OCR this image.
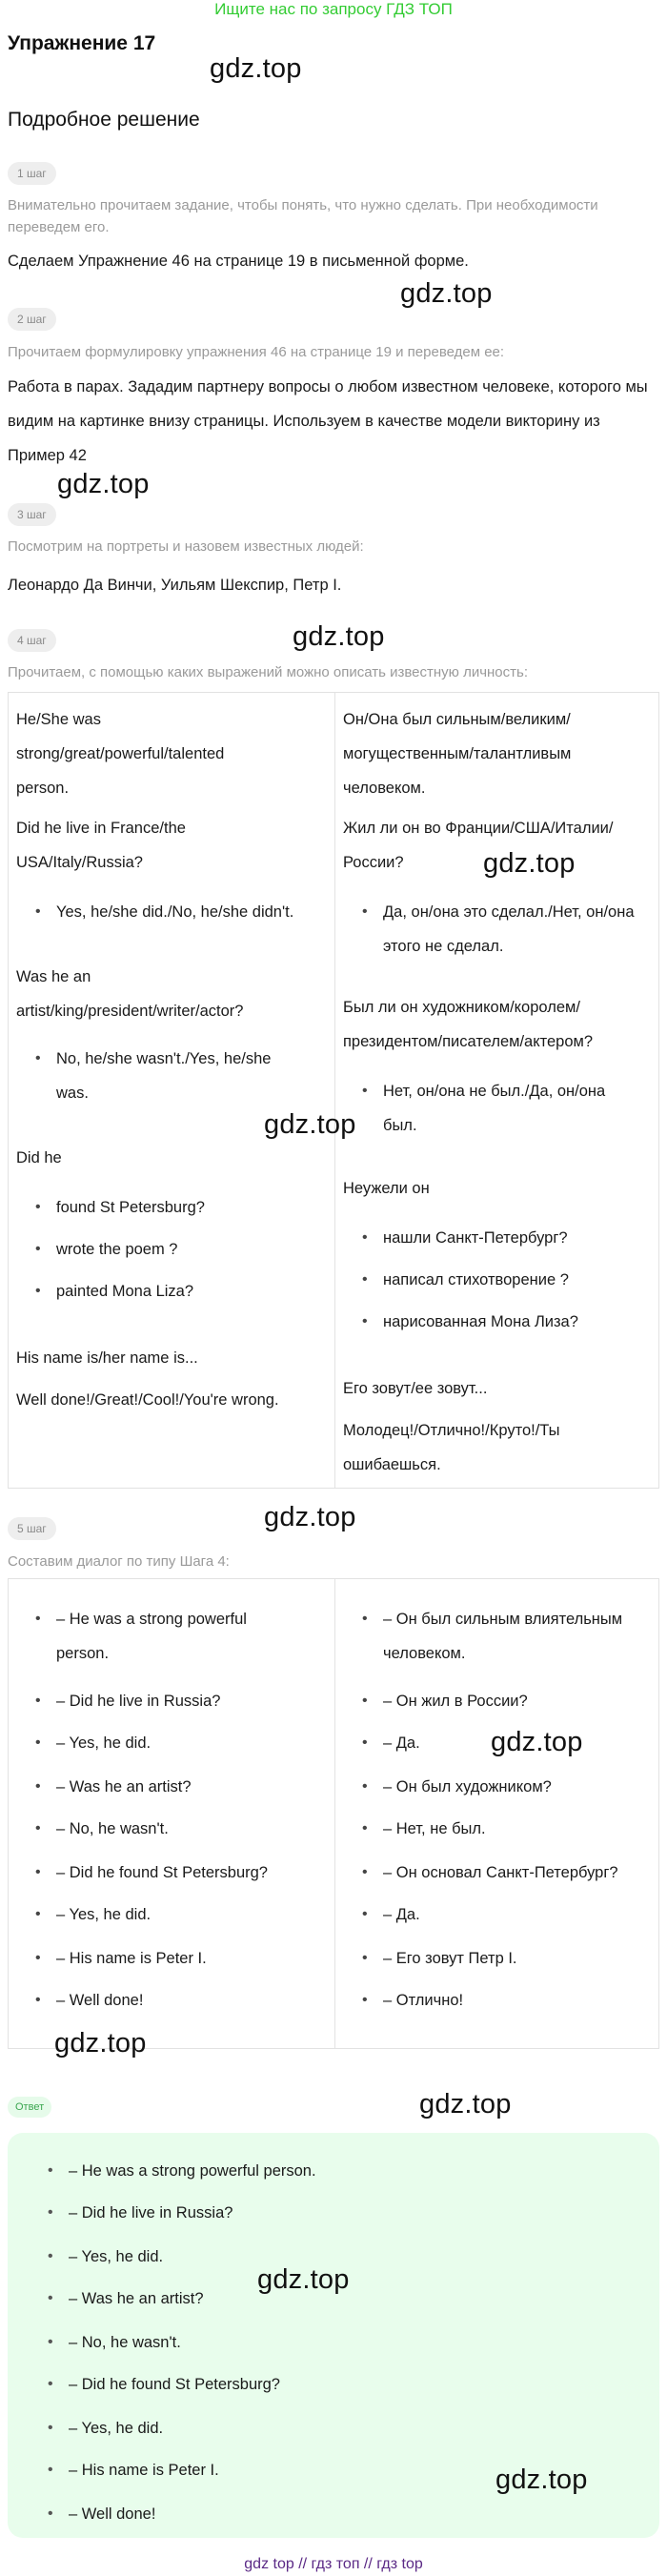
Ищите нас по запросу ГДЗ ТОП
Упражнение 17
gdz.top
Подробное решение
1 шаг
Внимательно прочитаем задание, чтобы понять, что нужно сделать. При необходимости переведем его.
Сделаем Упражнение 46 на странице 19 в письменной форме.
gdz.top
2 шаг
Прочитаем формулировку упражнения 46 на странице 19 и переведем ее:
Работа в парах. Зададим партнеру вопросы о любом известном человеке, которого мы видим на картинке внизу страницы. Используем в качестве модели викторину из Пример 42
gdz.top
3 шаг
Посмотрим на портреты и назовем известных людей:
Леонардо Да Винчи, Уильям Шекспир, Петр I.
gdz.top
4 шаг
Прочитаем, с помощью каких выражений можно описать известную личность:
He/She was strong/great/powerful/talented person.
Did he live in France/the USA/Italy/Russia?
• Yes, he/she did./No, he/she didn't.
Was he an artist/king/president/writer/actor?
• No, he/she wasn't./Yes, he/she was.
Did he
• found St Petersburg?
• wrote the poem ?
• painted Mona Liza?
His name is/her name is...
Well done!/Great!/Cool!/You're wrong.
Он/Она был сильным/великим/могущественным/талантливым человеком.
Жил ли он во Франции/США/Италии/России?
• Да, он/она это сделал./Нет, он/она этого не сделал.
Был ли он художником/королем/президентом/писателем/актером?
• Нет, он/она не был./Да, он/она был.
Неужели он
• нашли Санкт-Петербург?
• написал стихотворение ?
• нарисованная Мона Лиза?
Его зовут/ее зовут...
Молодец!/Отлично!/Круто!/Ты ошибаешься.
gdz.top
gdz.top
gdz.top
5 шаг
Составим диалог по типу Шага 4:
• – He was a strong powerful person.
• – Did he live in Russia?
• – Yes, he did.
• – Was he an artist?
• – No, he wasn't.
• – Did he found St Petersburg?
• – Yes, he did.
• – His name is Peter I.
• – Well done!
• – Он был сильным влиятельным человеком.
• – Он жил в России?
• – Да.
• – Он был художником?
• – Нет, не был.
• – Он основал Санкт-Петербург?
• – Да.
• – Его зовут Петр I.
• – Отлично!
gdz.top
gdz.top
Ответ	gdz.top
• – He was a strong powerful person.
• – Did he live in Russia?
• – Yes, he did.
• – Was he an artist?
• – No, he wasn't.
• – Did he found St Petersburg?
• – Yes, he did.
• – His name is Peter I.
• – Well done!
gdz.top
gdz.top
gdz top // гдз топ // гдз top
